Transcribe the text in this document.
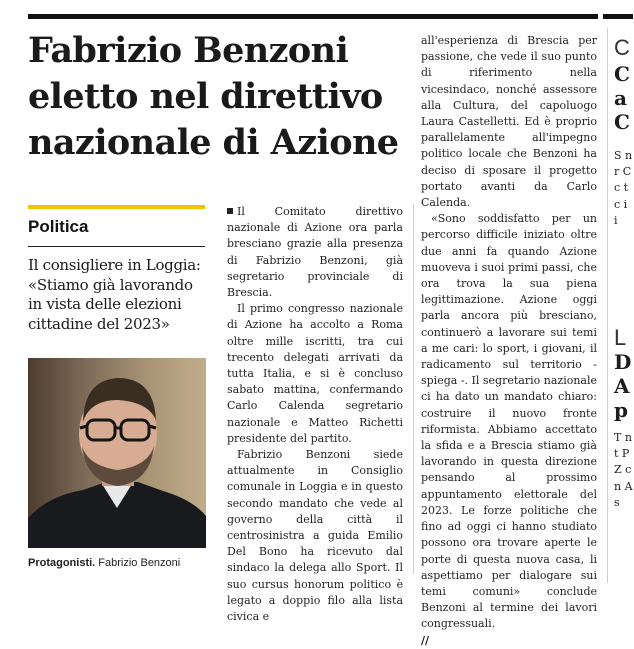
Fabrizio Benzoni eletto nel direttivo nazionale di Azione
Politica

Il consigliere in Loggia: «Stiamo già lavorando in vista delle elezioni cittadine del 2023»

Protagonisti. Fabrizio Benzoni

Il Comitato direttivo nazionale di Azione ora parla bresciano grazie alla presenza di Fabrizio Benzoni, già segretario provinciale di Brescia.

Il primo congresso nazionale di Azione ha accolto a Roma oltre mille iscritti, tra cui trecento delegati arrivati da tutta Italia, e si è concluso sabato mattina, confermando Carlo Calenda segretario nazionale e Matteo Richetti presidente del partito.

Fabrizio Benzoni siede attualmente in Consiglio comunale in Loggia e in questo secondo mandato che vede al governo della città il centrosinistra a guida Emilio Del Bono ha ricevuto dal sindaco la delega allo Sport. Il suo cursus honorum politico è legato a doppio filo alla lista civica e

all'esperienza di Brescia per passione, che vede il suo punto di riferimento nella vicesindaco, nonché assessore alla Cultura, del capoluogo Laura Castelletti. Ed è proprio parallelamente all'impegno politico locale che Benzoni ha deciso di sposare il progetto portato avanti da Carlo Calenda.

«Sono soddisfatto per un percorso difficile iniziato oltre due anni fa quando Azione muoveva i suoi primi passi, che ora trova la sua piena legittimazione. Azione oggi parla ancora più bresciano, continuerò a lavorare sui temi a me cari: lo sport, i giovani, il radicamento sul territorio - spiega -. Il segretario nazionale ci ha dato un mandato chiaro: costruire il nuovo fronte riformista. Abbiamo accettato la sfida e a Brescia stiamo già lavorando in questa direzione pensando al prossimo appuntamento elettorale del 2023. Le forze politiche che fino ad oggi ci hanno studiato possono ora trovare aperte le porte di questa nuova casa, li aspettiamo per dialogare sui temi comuni» conclude Benzoni al termine dei lavori congressuali.

//

C

C a C

S n r C c t c i i

L

D A p

T n t P Z c n A s
